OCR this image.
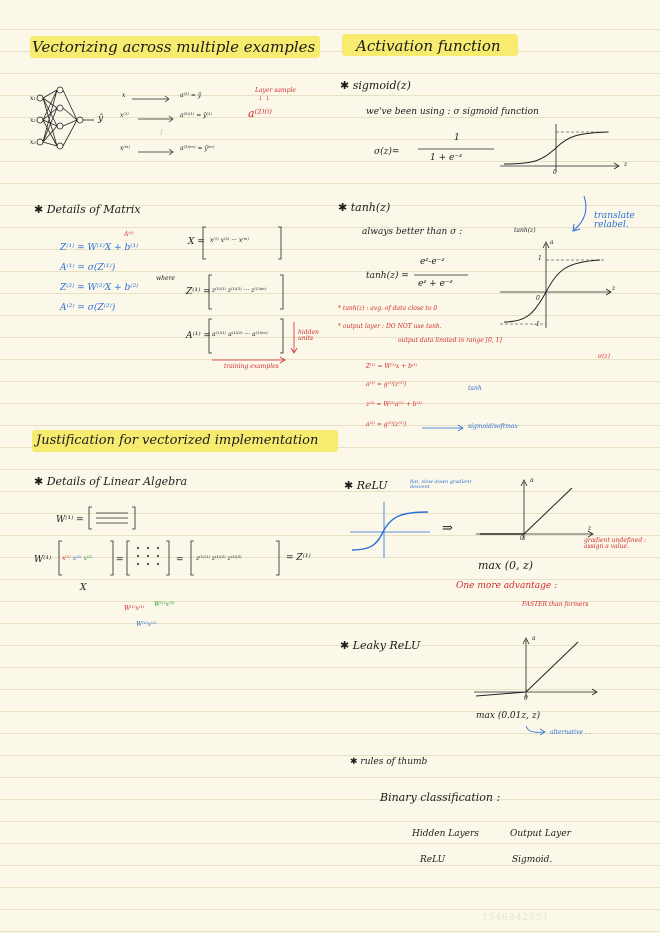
Vectorizing across multiple examples
x₁
x₂
x₃
ŷ
x	a⁽²⁾ = ŷ
x⁽¹⁾	a⁽²⁾⁽¹⁾ = ŷ⁽¹⁾
⋮
x⁽ᵐ⁾	a⁽²⁾⁽ᵐ⁾ = ŷ⁽ᵐ⁾
Layer sample
↓ ↓
a⁽²⁾⁽ⁱ⁾
✱ Details of Matrix
Z⁽¹⁾ = W⁽¹⁾X + b⁽¹⁾
A⁽⁰⁾
A⁽¹⁾ = σ(Z⁽¹⁾)
Z⁽²⁾ = W⁽²⁾X + b⁽²⁾
A⁽²⁾ = σ(Z⁽²⁾)
X = x⁽¹⁾ x⁽²⁾ ··· x⁽ᵐ⁾
where
Z⁽¹⁾ = z⁽¹⁾⁽¹⁾ z⁽¹⁾⁽²⁾ ··· z⁽¹⁾⁽ᵐ⁾
A⁽¹⁾ = a⁽¹⁾⁽¹⁾ a⁽¹⁾⁽²⁾ ··· a⁽¹⁾⁽ᵐ⁾	hidden units
training examples
Justification for vectorized implementation
✱ Details of Linear Algebra
W⁽¹⁾ =
W⁽¹⁾ x⁽¹⁾ x⁽²⁾ x⁽³⁾
X
=	= z⁽¹⁾⁽¹⁾ z⁽¹⁾⁽²⁾ z⁽¹⁾⁽³⁾	= Z⁽¹⁾
W⁽¹⁾x⁽¹⁾
W⁽¹⁾x⁽³⁾
W⁽¹⁾x⁽²⁾
Activation function
✱ sigmoid(z)
we've been using : σ sigmoid function
σ(z)=
1
1 + e⁻ᶻ
0
z
✱ tanh(z)
always better than σ :	tanh(z)
translate relabel.
tanh(z) =
eᶻ-e⁻ᶻ
eᶻ + e⁻ᶻ
1
a
0
z
-1
* tanh(z) : avg. of data close to 0
* output layer : DO NOT use tanh.
output data limited in range [0, 1]
σ(z)
Z⁽¹⁾ = W⁽¹⁾x + b⁽¹⁾
a⁽¹⁾ = g⁽¹⁾(z⁽¹⁾)
tanh
z⁽²⁾ = W⁽²⁾a⁽¹⁾ + b⁽²⁾
a⁽²⁾ = g⁽²⁾(z⁽²⁾)	sigmoid/softmax
✱ ReLU	flat, slow down gradient descent
⇒
a
z
0
max (0, z)
gradient undefined : assign a value.
One more advantage :
FASTER than formers
✱ Leaky ReLU
a
0
max (0.01z, z)
alternative . .
✱ rules of thumb
Binary classification :
Hidden Layers	Output Layer
ReLU	Sigmoid.
1546842551
